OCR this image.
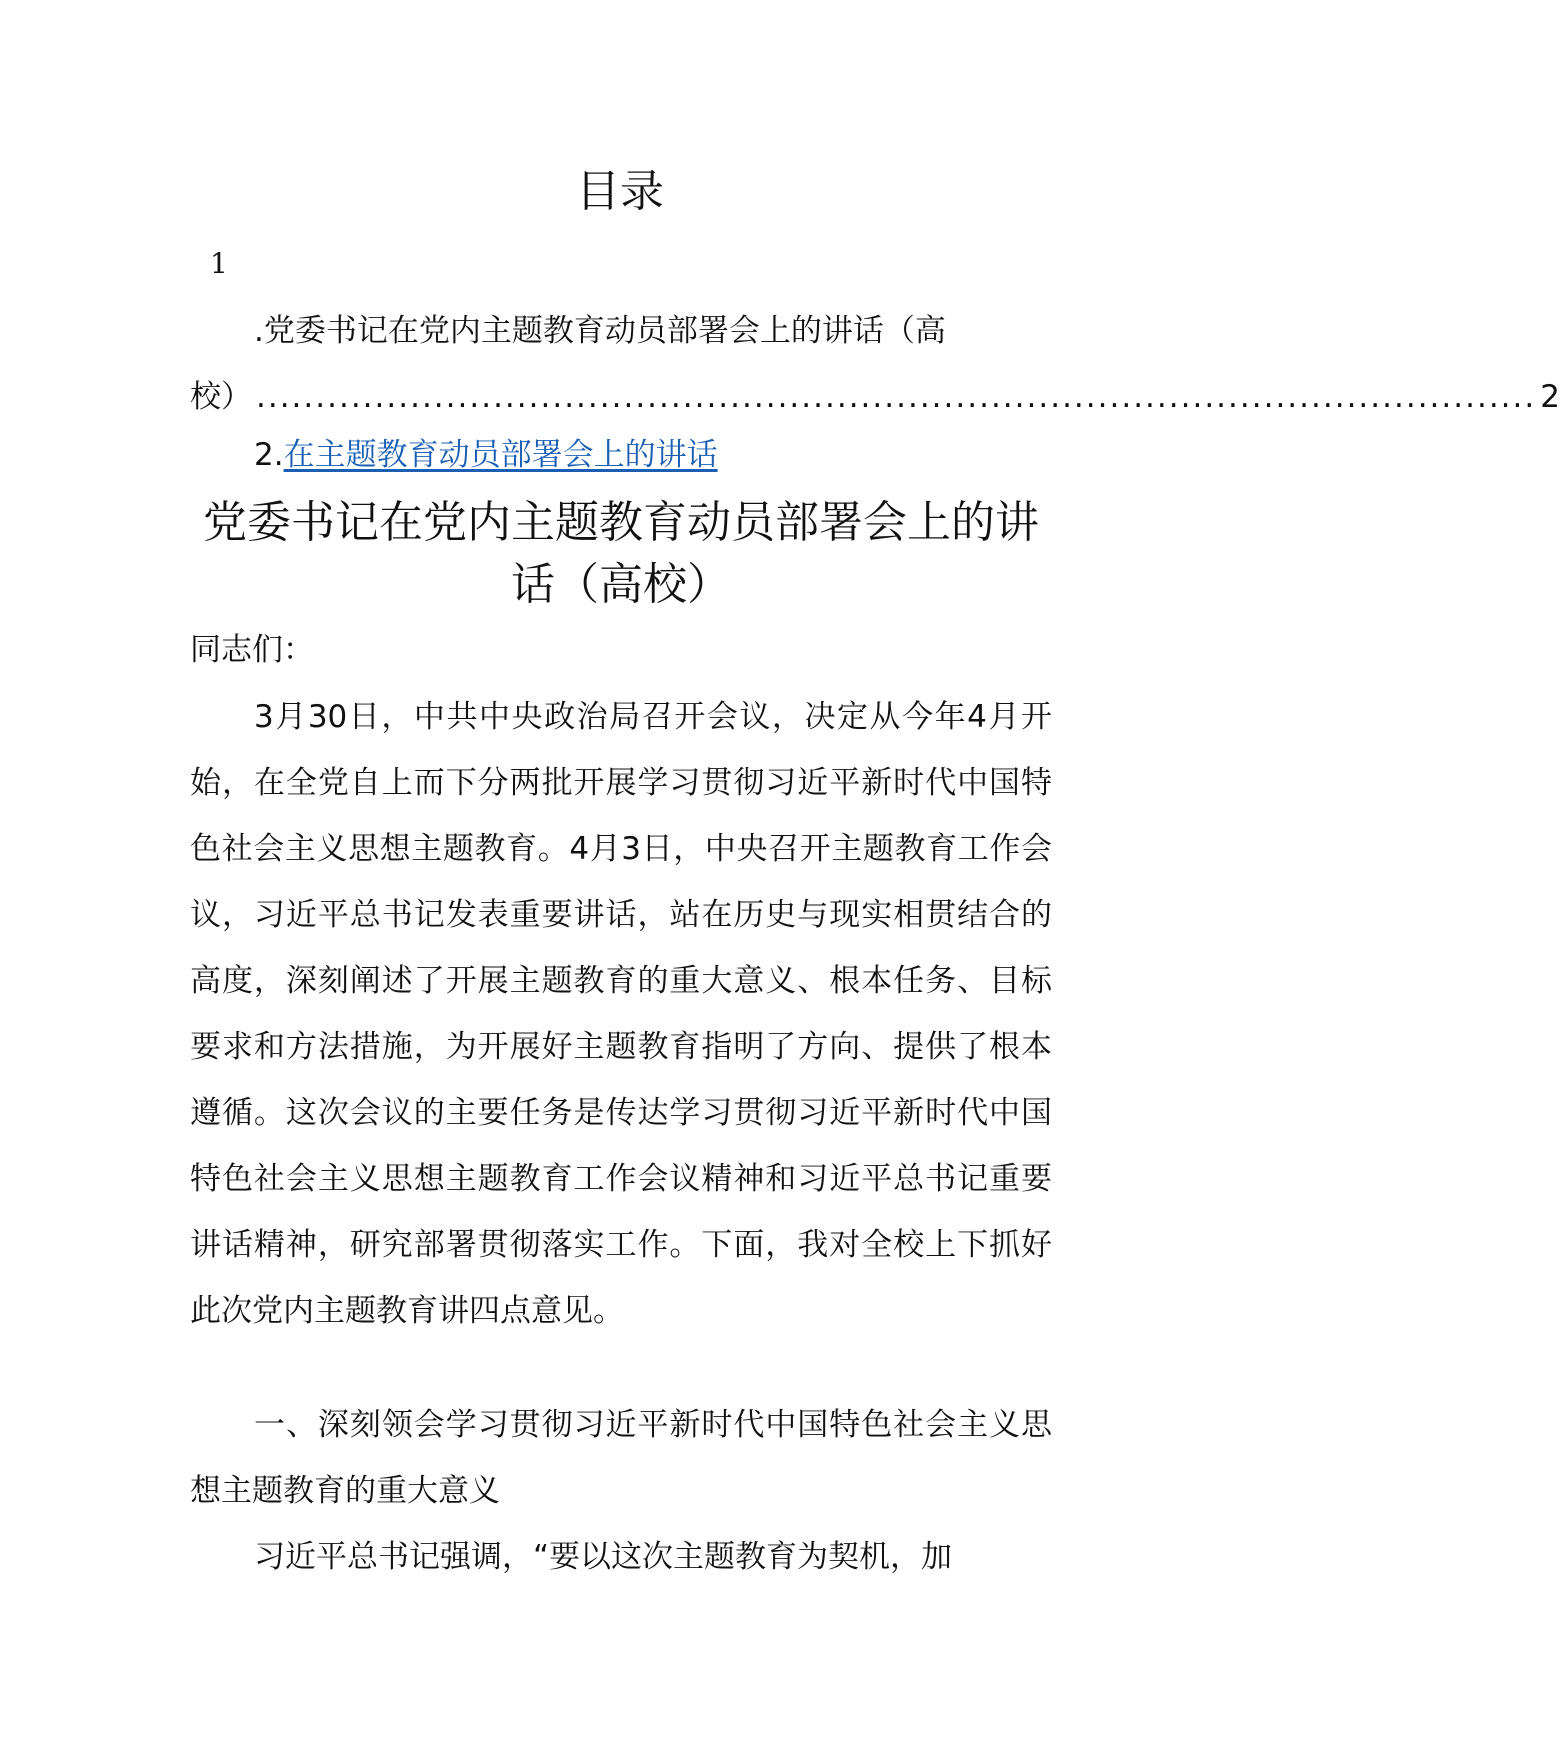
目录
1
.党委书记在党内主题教育动员部署会上的讲话（高
校） ............................................................................................................ 2
2.在主题教育动员部署会上的讲话
党委书记在党内主题教育动员部署会上的讲话（高校）
同志们：
3月30日，中共中央政治局召开会议，决定从今年4月开始，在全党自上而下分两批开展学习贯彻习近平新时代中国特色社会主义思想主题教育。4月3日，中央召开主题教育工作会议，习近平总书记发表重要讲话，站在历史与现实相贯结合的高度，深刻阐述了开展主题教育的重大意义、根本任务、目标要求和方法措施，为开展好主题教育指明了方向、提供了根本遵循。这次会议的主要任务是传达学习贯彻习近平新时代中国特色社会主义思想主题教育工作会议精神和习近平总书记重要讲话精神，研究部署贯彻落实工作。下面，我对全校上下抓好此次党内主题教育讲四点意见。
一、深刻领会学习贯彻习近平新时代中国特色社会主义思想主题教育的重大意义
习近平总书记强调，“要以这次主题教育为契机，加
